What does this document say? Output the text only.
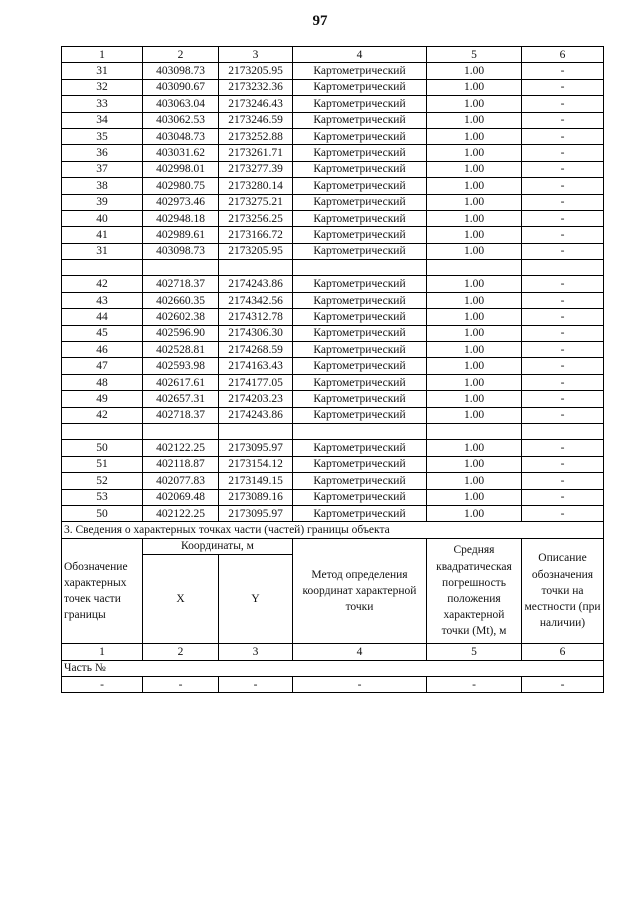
97
1	2	3	4	5	6
31	403098.73	2173205.95	Картометрический	1.00	-
32	403090.67	2173232.36	Картометрический	1.00	-
33	403063.04	2173246.43	Картометрический	1.00	-
34	403062.53	2173246.59	Картометрический	1.00	-
35	403048.73	2173252.88	Картометрический	1.00	-
36	403031.62	2173261.71	Картометрический	1.00	-
37	402998.01	2173277.39	Картометрический	1.00	-
38	402980.75	2173280.14	Картометрический	1.00	-
39	402973.46	2173275.21	Картометрический	1.00	-
40	402948.18	2173256.25	Картометрический	1.00	-
41	402989.61	2173166.72	Картометрический	1.00	-
31	403098.73	2173205.95	Картометрический	1.00	-

42	402718.37	2174243.86	Картометрический	1.00	-
43	402660.35	2174342.56	Картометрический	1.00	-
44	402602.38	2174312.78	Картометрический	1.00	-
45	402596.90	2174306.30	Картометрический	1.00	-
46	402528.81	2174268.59	Картометрический	1.00	-
47	402593.98	2174163.43	Картометрический	1.00	-
48	402617.61	2174177.05	Картометрический	1.00	-
49	402657.31	2174203.23	Картометрический	1.00	-
42	402718.37	2174243.86	Картометрический	1.00	-

50	402122.25	2173095.97	Картометрический	1.00	-
51	402118.87	2173154.12	Картометрический	1.00	-
52	402077.83	2173149.15	Картометрический	1.00	-
53	402069.48	2173089.16	Картометрический	1.00	-
50	402122.25	2173095.97	Картометрический	1.00	-
3. Сведения о характерных точках части (частей) границы объекта					
Обозначение характерных точек части границы	Координаты, м		Метод определения координат характерной точки	Средняя квадратическая погрешность положения характерной точки (Mt), м	Описание обозначения точки на местности (при наличии)
	X	Y			
1	2	3	4	5	6
Часть №					
-	-	-	-	-	-
